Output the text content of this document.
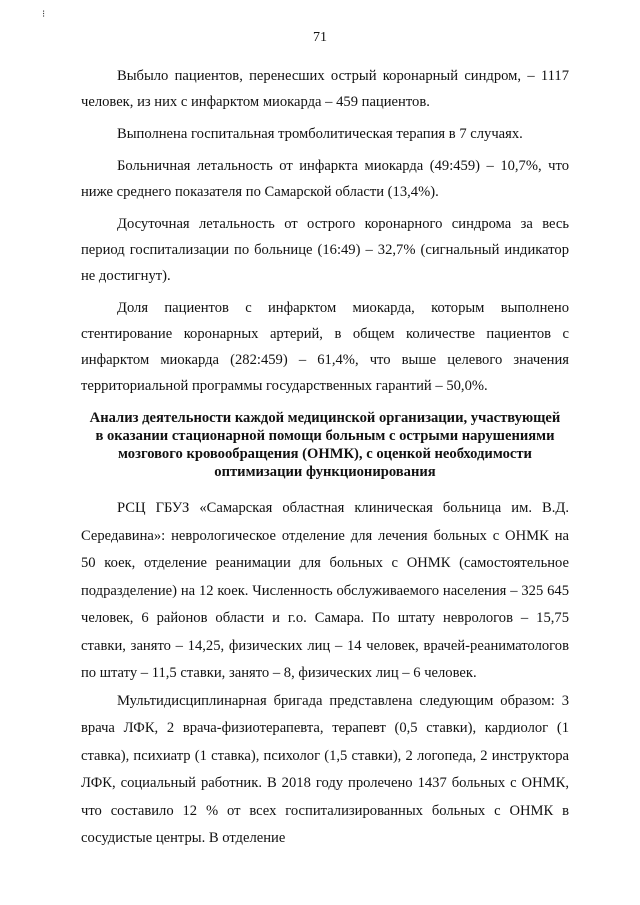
⁝
71

Выбыло пациентов, перенесших острый коронарный синдром, – 1117 человек, из них с инфарктом миокарда – 459 пациентов.

Выполнена госпитальная тромболитическая терапия в 7 случаях.

Больничная летальность от инфаркта миокарда (49:459) – 10,7%, что ниже среднего показателя по Самарской области (13,4%).

Досуточная летальность от острого коронарного синдрома за весь период госпитализации по больнице (16:49) – 32,7% (сигнальный индикатор не достигнут).

Доля пациентов с инфарктом миокарда, которым выполнено стентирование коронарных артерий, в общем количестве пациентов с инфарктом миокарда (282:459) – 61,4%, что выше целевого значения территориальной программы государственных гарантий – 50,0%.

Анализ деятельности каждой медицинской организации, участвующей в оказании стационарной помощи больным с острыми нарушениями мозгового кровообращения (ОНМК), с оценкой необходимости оптимизации функционирования

РСЦ ГБУЗ «Самарская областная клиническая больница им. В.Д. Середавина»: неврологическое отделение для лечения больных с ОНМК на 50 коек, отделение реанимации для больных с ОНМК (самостоятельное подразделение) на 12 коек. Численность обслуживаемого населения – 325 645 человек, 6 районов области и г.о. Самара. По штату неврологов – 15,75 ставки, занято – 14,25, физических лиц – 14 человек, врачей-реаниматологов по штату – 11,5 ставки, занято – 8, физических лиц – 6 человек.

Мультидисциплинарная бригада представлена следующим образом: 3 врача ЛФК, 2 врача-физиотерапевта, терапевт (0,5 ставки), кардиолог (1 ставка), психиатр (1 ставка), психолог (1,5 ставки), 2 логопеда, 2 инструктора ЛФК, социальный работник. В 2018 году пролечено 1437 больных с ОНМК, что составило 12 % от всех госпитализированных больных с ОНМК в сосудистые центры. В отделение
